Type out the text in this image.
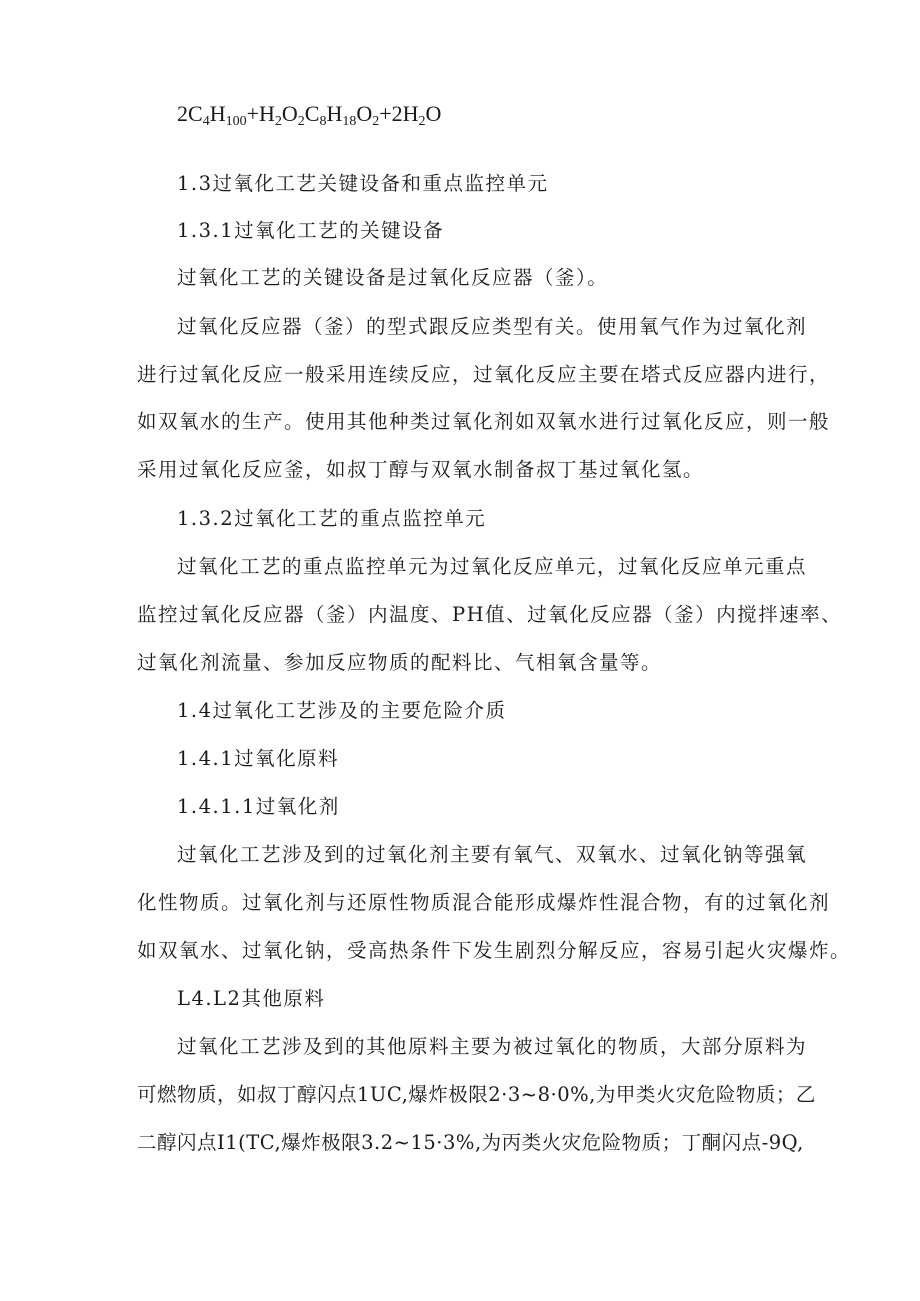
$2C_4H_{100}+H_2O_2C_8H_{18}O_2+2H_2O$
1.3过氧化工艺关键设备和重点监控单元
1.3.1过氧化工艺的关键设备
过氧化工艺的关键设备是过氧化反应器（釜）。
过氧化反应器（釜）的型式跟反应类型有关。使用氧气作为过氧化剂
进行过氧化反应一般采用连续反应，过氧化反应主要在塔式反应器内进行，
如双氧水的生产。使用其他种类过氧化剂如双氧水进行过氧化反应，则一般
采用过氧化反应釜，如叔丁醇与双氧水制备叔丁基过氧化氢。
1.3.2过氧化工艺的重点监控单元
过氧化工艺的重点监控单元为过氧化反应单元，过氧化反应单元重点
监控过氧化反应器（釜）内温度、PH值、过氧化反应器（釜）内搅拌速率、
过氧化剂流量、参加反应物质的配料比、气相氧含量等。
1.4过氧化工艺涉及的主要危险介质
1.4.1过氧化原料
1.4.1.1过氧化剂
过氧化工艺涉及到的过氧化剂主要有氧气、双氧水、过氧化钠等强氧
化性物质。过氧化剂与还原性物质混合能形成爆炸性混合物，有的过氧化剂
如双氧水、过氧化钠，受高热条件下发生剧烈分解反应，容易引起火灾爆炸。
L4.L2其他原料
过氧化工艺涉及到的其他原料主要为被过氧化的物质，大部分原料为
可燃物质，如叔丁醇闪点1UC,爆炸极限2·3~8·0%,为甲类火灾危险物质；乙
二醇闪点I1(TC,爆炸极限3.2~15·3%,为丙类火灾危险物质；丁酮闪点-9Q,
